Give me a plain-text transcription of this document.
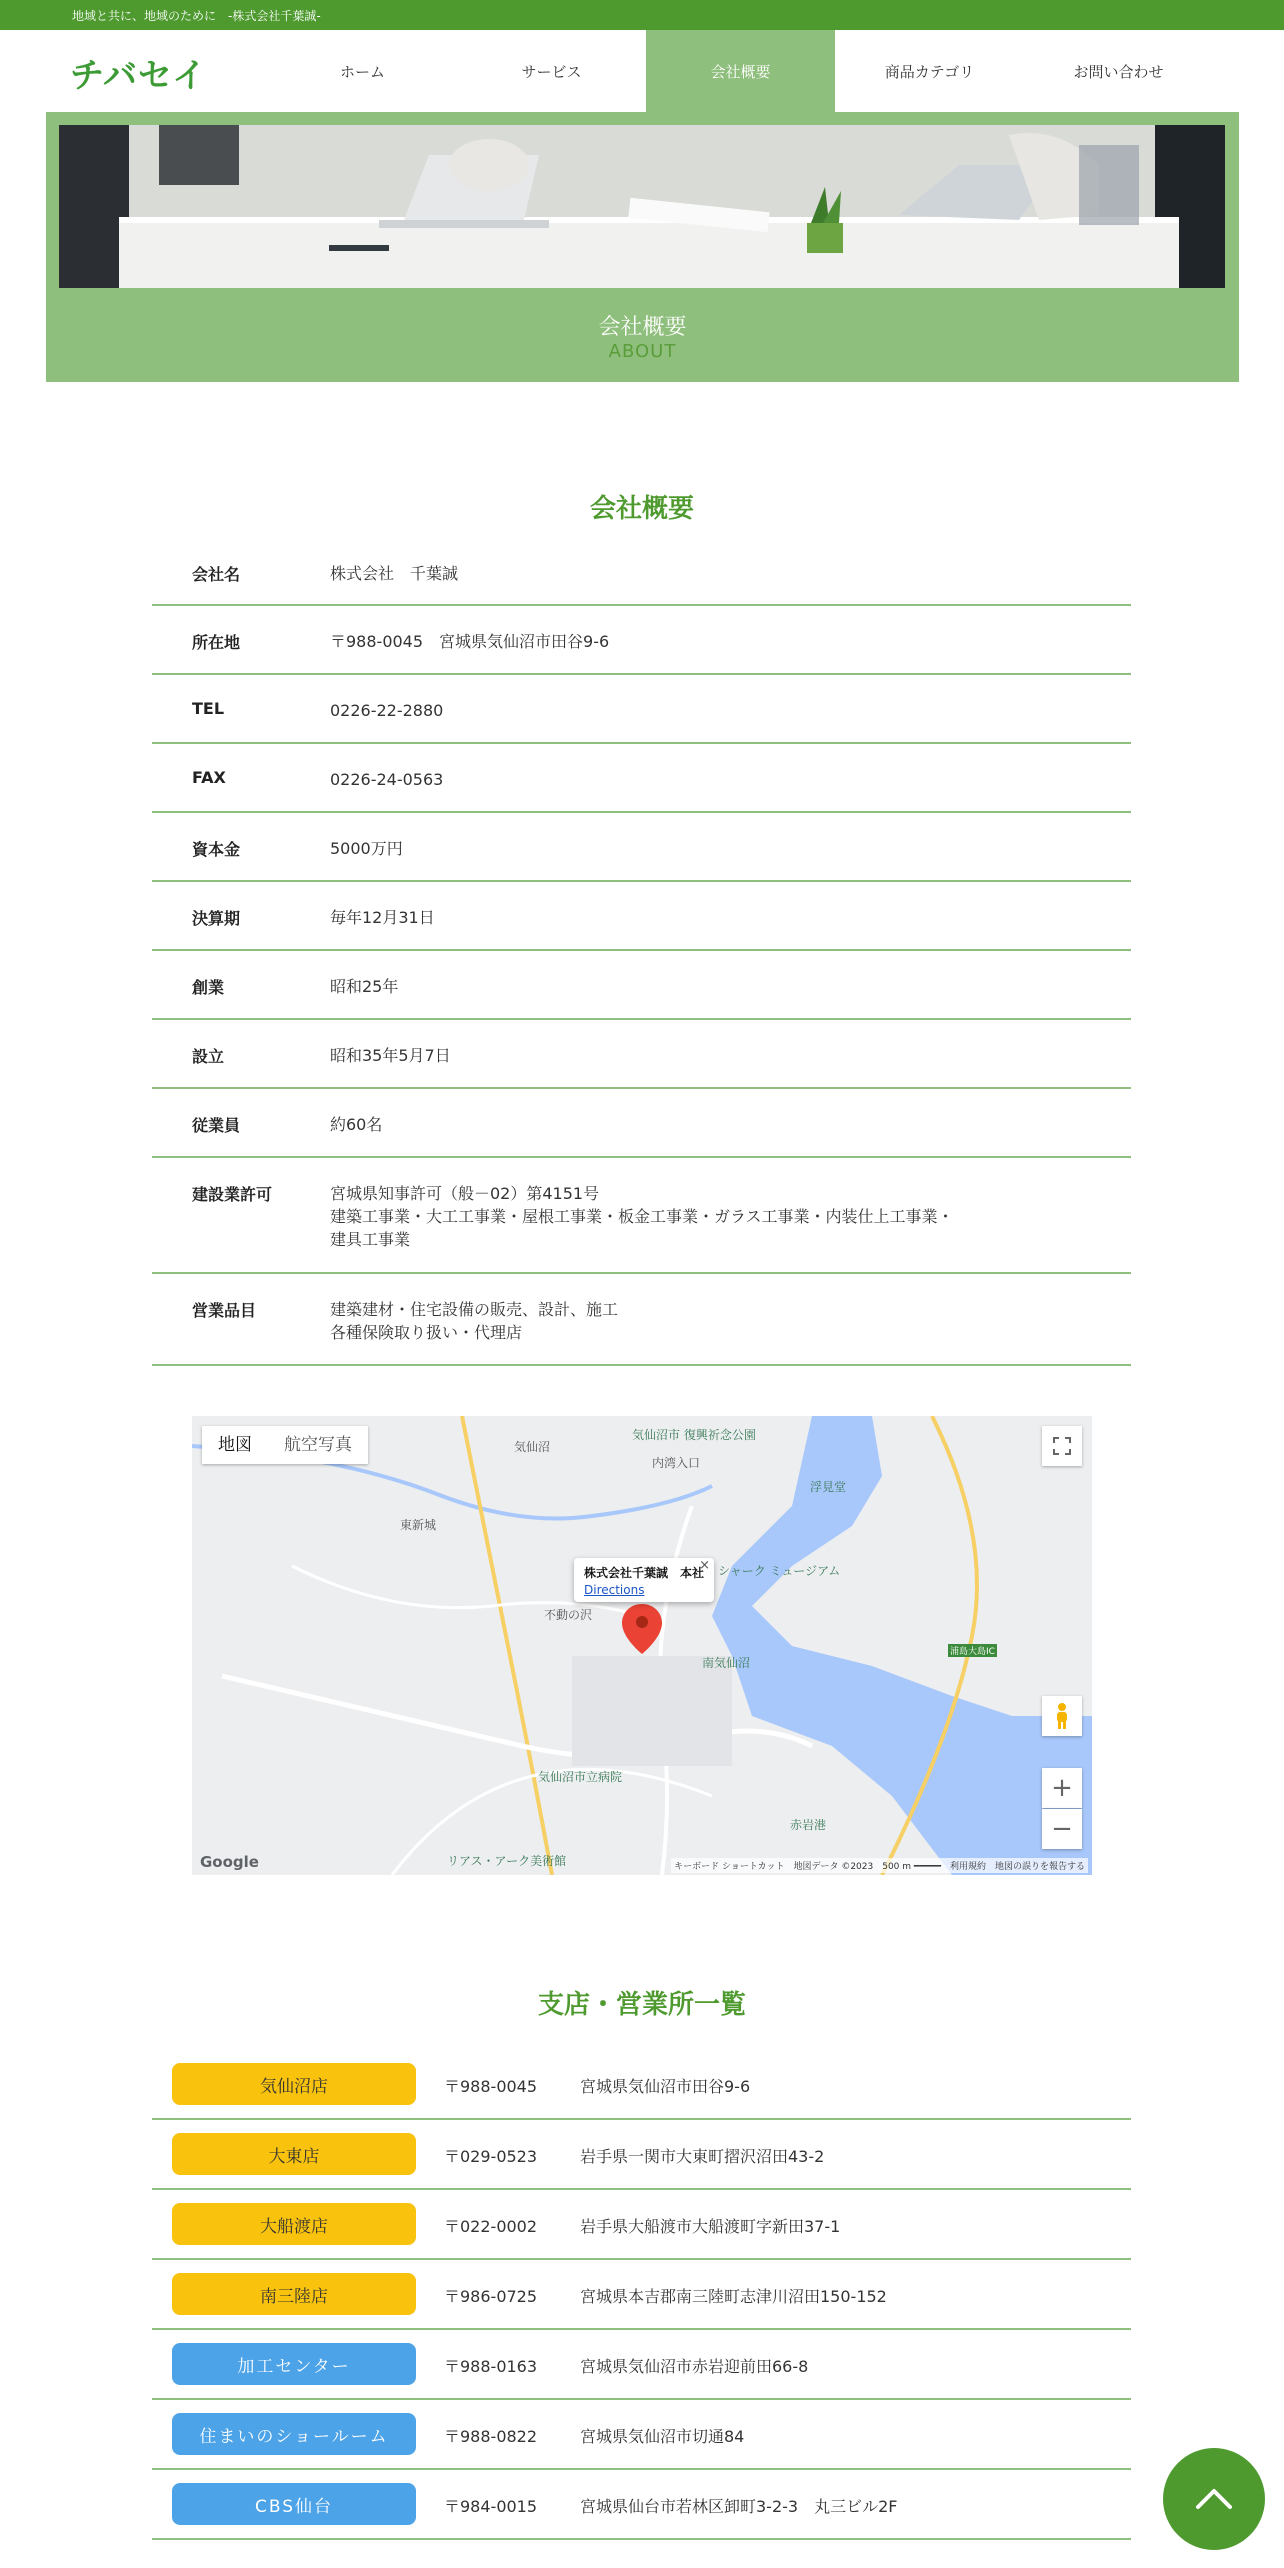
地域と共に、地域のために　-株式会社千葉誠-
チバセイ	ホーム	サービス	会社概要	商品カテゴリ	お問い合わせ
会社概要
ABOUT
会社概要
会社名	株式会社　千葉誠
所在地	〒988-0045　宮城県気仙沼市田谷9-6
TEL	0226-22-2880
FAX	0226-24-0563
資本金	5000万円
決算期	毎年12月31日
創業	昭和25年
設立	昭和35年5月7日
従業員	約60名
建設業許可	宮城県知事許可（般－02）第4151号
建築工事業・大工工事業・屋根工事業・板金工事業・ガラス工事業・内装仕上工事業・
建具工事業
営業品目	建築建材・住宅設備の販売、設計、施工
各種保険取り扱い・代理店
気仙沼市 復興祈念公園
気仙沼
内湾入口
浮見堂
東新城
シャーク ミュージアム
不動の沢
南気仙沼
気仙沼市立病院
赤岩港
リアス・アーク美術館
浦島大島IC
地図	航空写真
株式会社千葉誠　本社
Directions
×
+
−
Google	キーボード ショートカット　地図データ ©2023　500 m ━━━━━　利用規約　地図の誤りを報告する
支店・営業所一覧
気仙沼店	〒988-0045	宮城県気仙沼市田谷9-6
大東店	〒029-0523	岩手県一関市大東町摺沢沼田43-2
大船渡店	〒022-0002	岩手県大船渡市大船渡町字新田37-1
南三陸店	〒986-0725	宮城県本吉郡南三陸町志津川沼田150-152
加工センター	〒988-0163	宮城県気仙沼市赤岩迎前田66-8
住まいのショールーム	〒988-0822	宮城県気仙沼市切通84
CBS仙台	〒984-0015	宮城県仙台市若林区卸町3-2-3　丸三ビル2F
